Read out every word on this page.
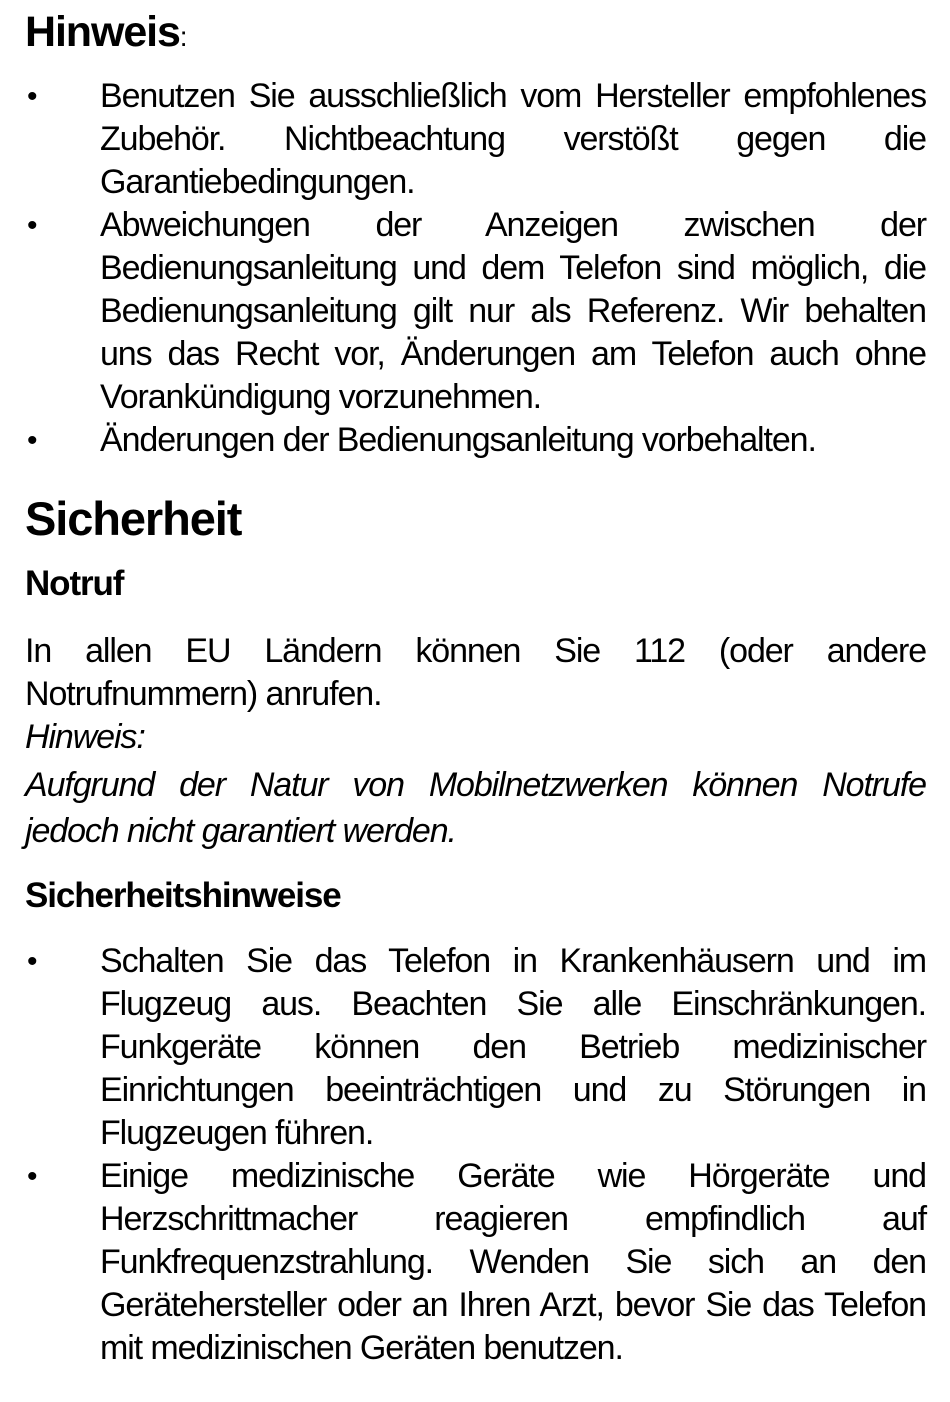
Hinweis:
•	Benutzen Sie ausschließlich vom Hersteller empfohlenes Zubehör. Nichtbeachtung verstößt gegen die Garantiebedingungen.
•	Abweichungen der Anzeigen zwischen der Bedienungsanleitung und dem Telefon sind möglich, die Bedienungsanleitung gilt nur als Referenz. Wir behalten uns das Recht vor, Änderungen am Telefon auch ohne Vorankündigung vorzunehmen.
•	Änderungen der Bedienungsanleitung vorbehalten.
Sicherheit
Notruf

In allen EU Ländern können Sie 112 (oder andere Notrufnummern) anrufen.

Hinweis:

Aufgrund der Natur von Mobilnetzwerken können Notrufe jedoch nicht garantiert werden.

Sicherheitshinweise
•	Schalten Sie das Telefon in Krankenhäusern und im Flugzeug aus. Beachten Sie alle Einschränkungen. Funkgeräte können den Betrieb medizinischer Einrichtungen beeinträchtigen und zu Störungen in Flugzeugen führen.
•	Einige medizinische Geräte wie Hörgeräte und Herzschrittmacher reagieren empfindlich auf Funkfrequenzstrahlung. Wenden Sie sich an den Gerätehersteller oder an Ihren Arzt, bevor Sie das Telefon mit medizinischen Geräten benutzen.
